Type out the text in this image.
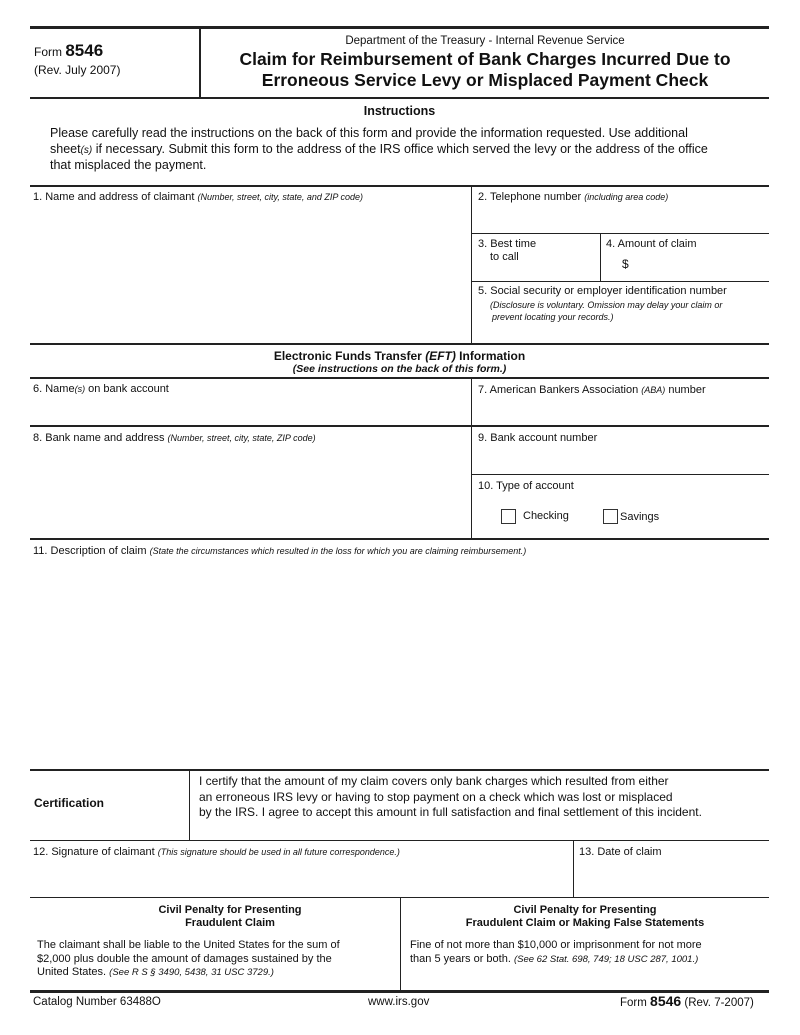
Form 8546
(Rev. July 2007)
Department of the Treasury - Internal Revenue Service
Claim for Reimbursement of Bank Charges Incurred Due to
Erroneous Service Levy or Misplaced Payment Check
Instructions
Please carefully read the instructions on the back of this form and provide the information requested. Use additional
sheet(s) if necessary. Submit this form to the address of the IRS office which served the levy or the address of the office
that misplaced the payment.
1. Name and address of claimant (Number, street, city, state, and ZIP code)	2. Telephone number (including area code)
3. Best time
to call
4. Amount of claim
$
5. Social security or employer identification number
(Disclosure is voluntary. Omission may delay your claim or
prevent locating your records.)
Electronic Funds Transfer (EFT) Information
(See instructions on the back of this form.)
6. Name(s) on bank account	7. American Bankers Association (ABA) number
8. Bank name and address (Number, street, city, state, ZIP code)	9. Bank account number
10. Type of account
Checking	Savings
11. Description of claim (State the circumstances which resulted in the loss for which you are claiming reimbursement.)
Certification
I certify that the amount of my claim covers only bank charges which resulted from either
an erroneous IRS levy or having to stop payment on a check which was lost or misplaced
by the IRS. I agree to accept this amount in full satisfaction and final settlement of this incident.
12. Signature of claimant (This signature should be used in all future correspondence.)	13. Date of claim
Civil Penalty for Presenting
Fraudulent Claim
The claimant shall be liable to the United States for the sum of
$2,000 plus double the amount of damages sustained by the
United States. (See R S § 3490, 5438, 31 USC 3729.)
Civil Penalty for Presenting
Fraudulent Claim or Making False Statements
Fine of not more than $10,000 or imprisonment for not more
than 5 years or both. (See 62 Stat. 698, 749; 18 USC 287, 1001.)
Catalog Number 63488O	www.irs.gov	Form 8546 (Rev. 7-2007)
